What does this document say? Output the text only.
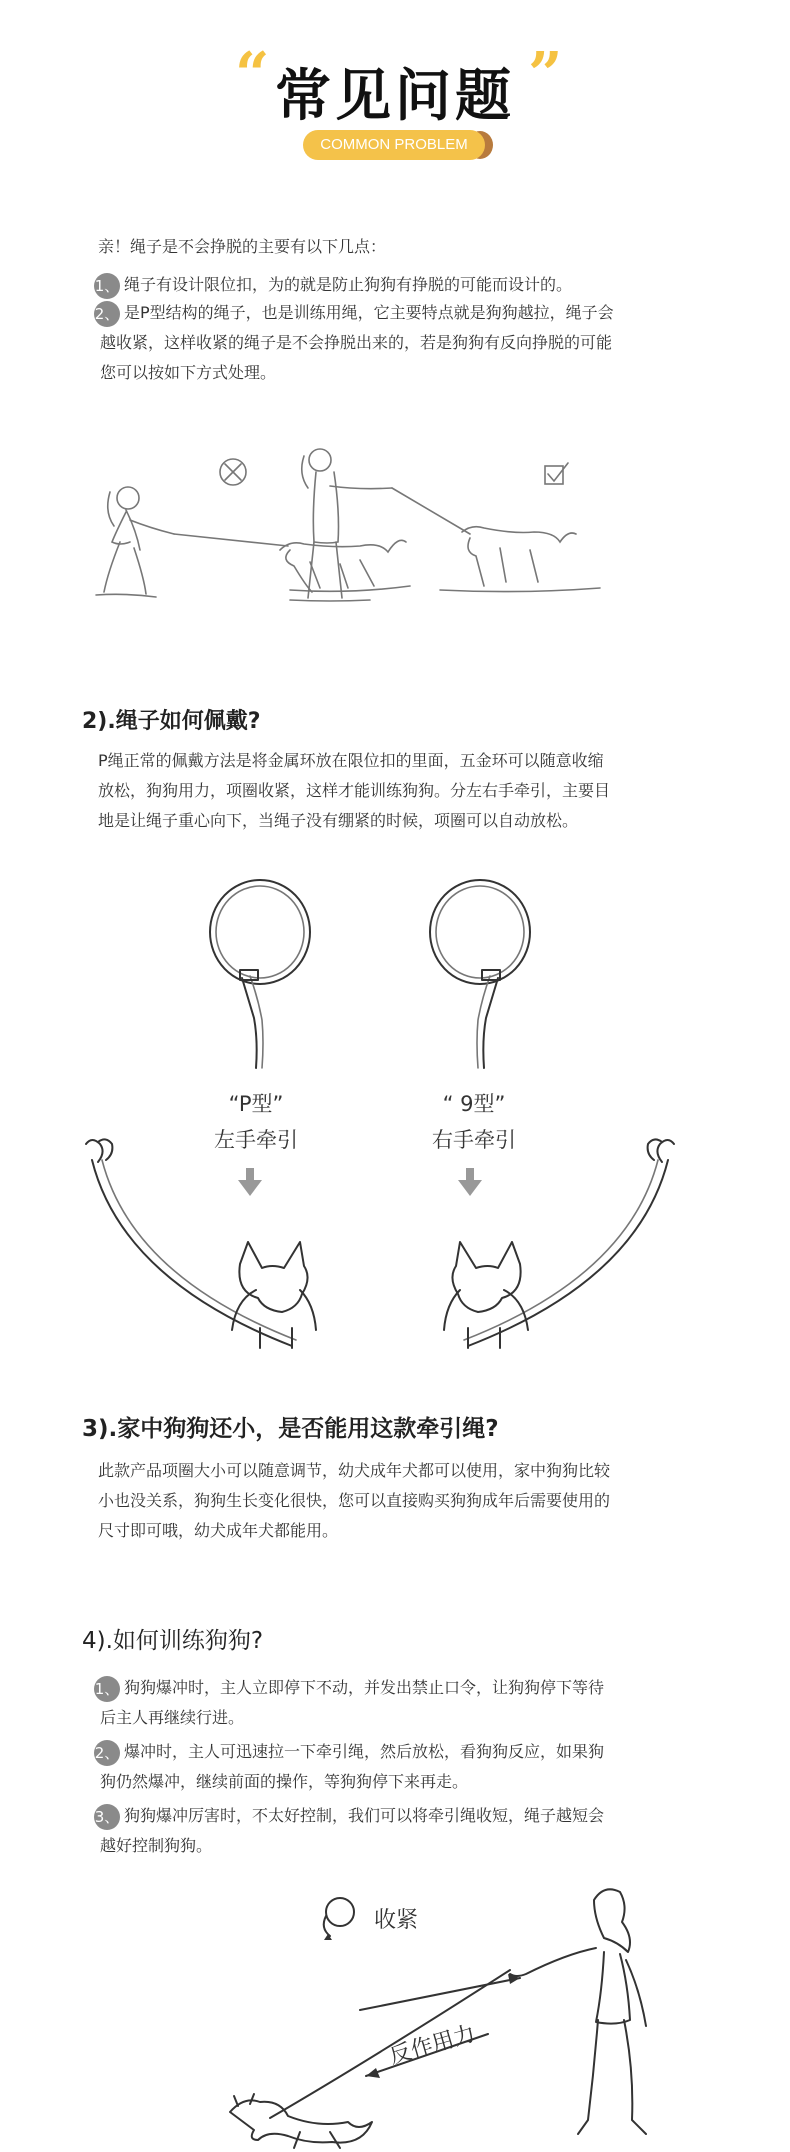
“ 常见问题 ”
COMMON PROBLEM
亲！绳子是不会挣脱的主要有以下几点：
1、 绳子有设计限位扣，为的就是防止狗狗有挣脱的可能而设计的。
2、 是P型结构的绳子，也是训练用绳，它主要特点就是狗狗越拉，绳子会
越收紧，这样收紧的绳子是不会挣脱出来的，若是狗狗有反向挣脱的可能
您可以按如下方式处理。
2).绳子如何佩戴?
P绳正常的佩戴方法是将金属环放在限位扣的里面，五金环可以随意收缩
放松，狗狗用力，项圈收紧，这样才能训练狗狗。分左右手牵引，主要目
地是让绳子重心向下，当绳子没有绷紧的时候，项圈可以自动放松。
“P型”
左手牵引
“ 9型”
右手牵引
3).家中狗狗还小，是否能用这款牵引绳?
此款产品项圈大小可以随意调节，幼犬成年犬都可以使用，家中狗狗比较
小也没关系，狗狗生长变化很快，您可以直接购买狗狗成年后需要使用的
尺寸即可哦，幼犬成年犬都能用。
4).如何训练狗狗?
1、 狗狗爆冲时，主人立即停下不动，并发出禁止口令，让狗狗停下等待
后主人再继续行进。
2、 爆冲时，主人可迅速拉一下牵引绳，然后放松，看狗狗反应，如果狗
狗仍然爆冲，继续前面的操作，等狗狗停下来再走。
3、 狗狗爆冲厉害时，不太好控制，我们可以将牵引绳收短，绳子越短会
越好控制狗狗。
收紧
反作用力
